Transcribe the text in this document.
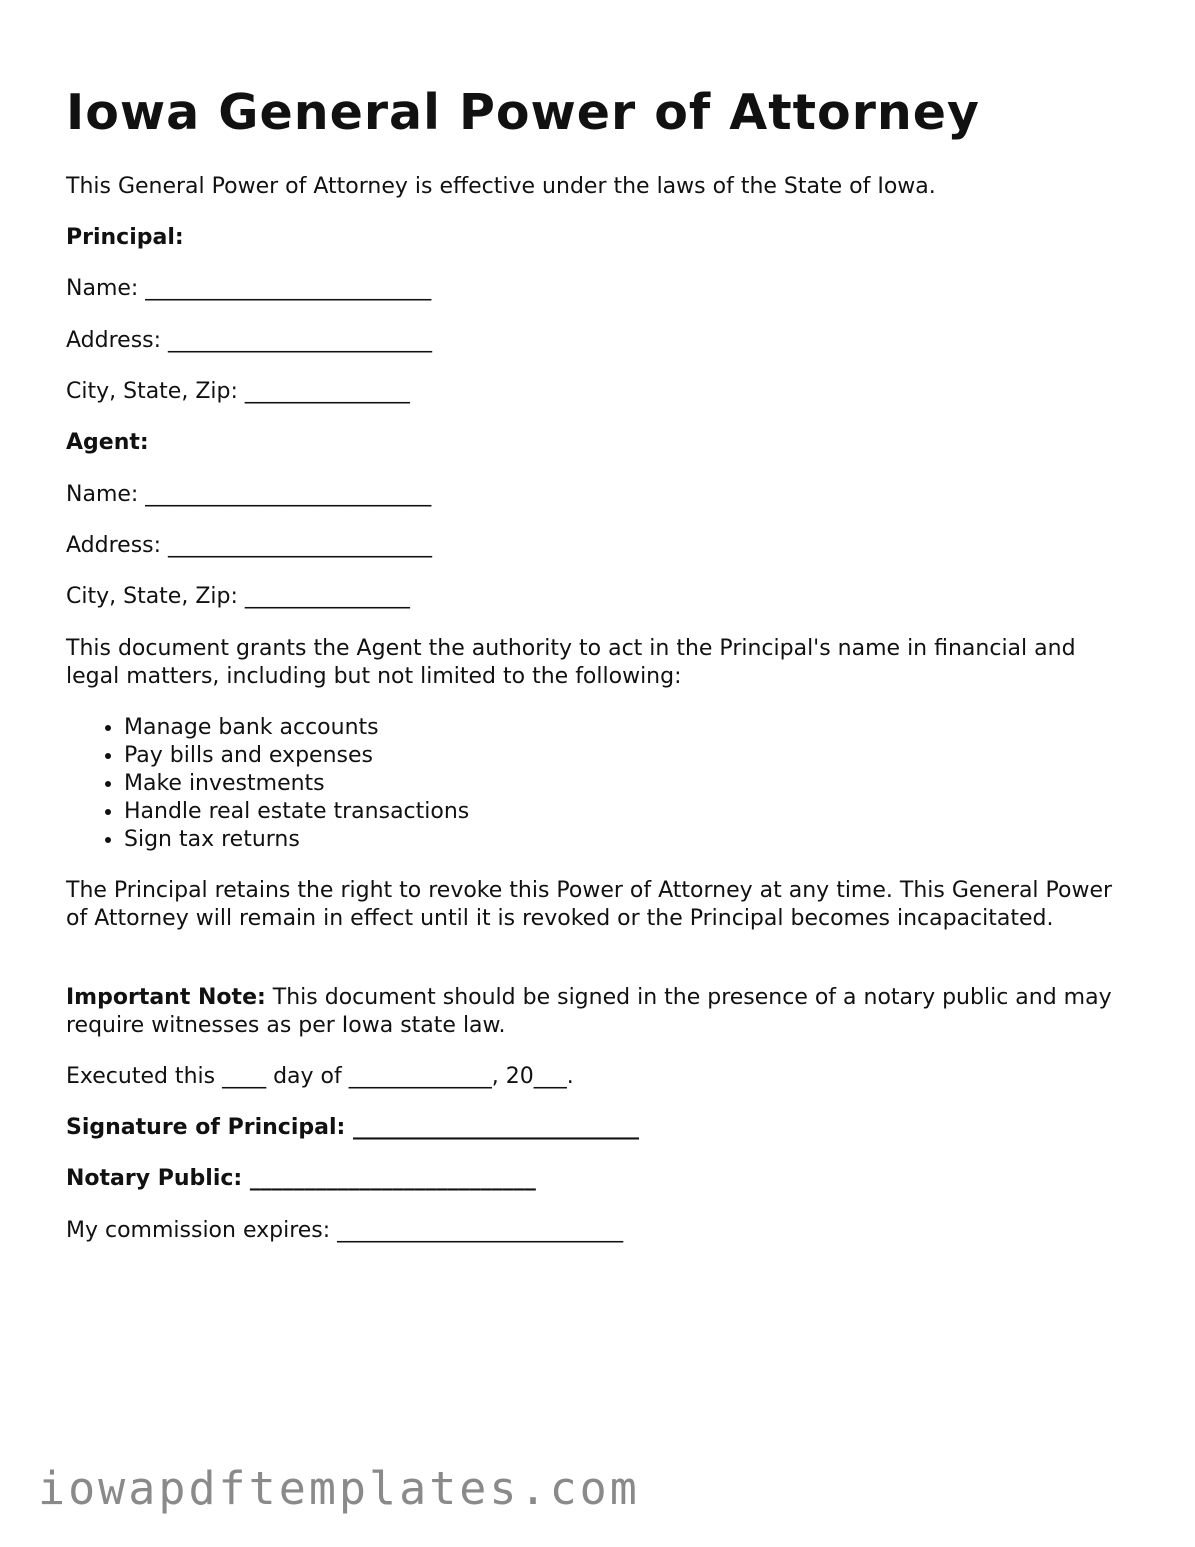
Iowa General Power of Attorney
This General Power of Attorney is effective under the laws of the State of Iowa.
Principal:
Name: __________________________
Address: ________________________
City, State, Zip: _______________
Agent:
Name: __________________________
Address: ________________________
City, State, Zip: _______________
This document grants the Agent the authority to act in the Principal's name in financial and legal matters, including but not limited to the following:
• Manage bank accounts
• Pay bills and expenses
• Make investments
• Handle real estate transactions
• Sign tax returns
The Principal retains the right to revoke this Power of Attorney at any time. This General Power of Attorney will remain in effect until it is revoked or the Principal becomes incapacitated.
Important Note: This document should be signed in the presence of a notary public and may require witnesses as per Iowa state law.
Executed this ____ day of _____________, 20___.
Signature of Principal: __________________________
Notary Public: __________________________
My commission expires: __________________________
iowapdftemplates.com
